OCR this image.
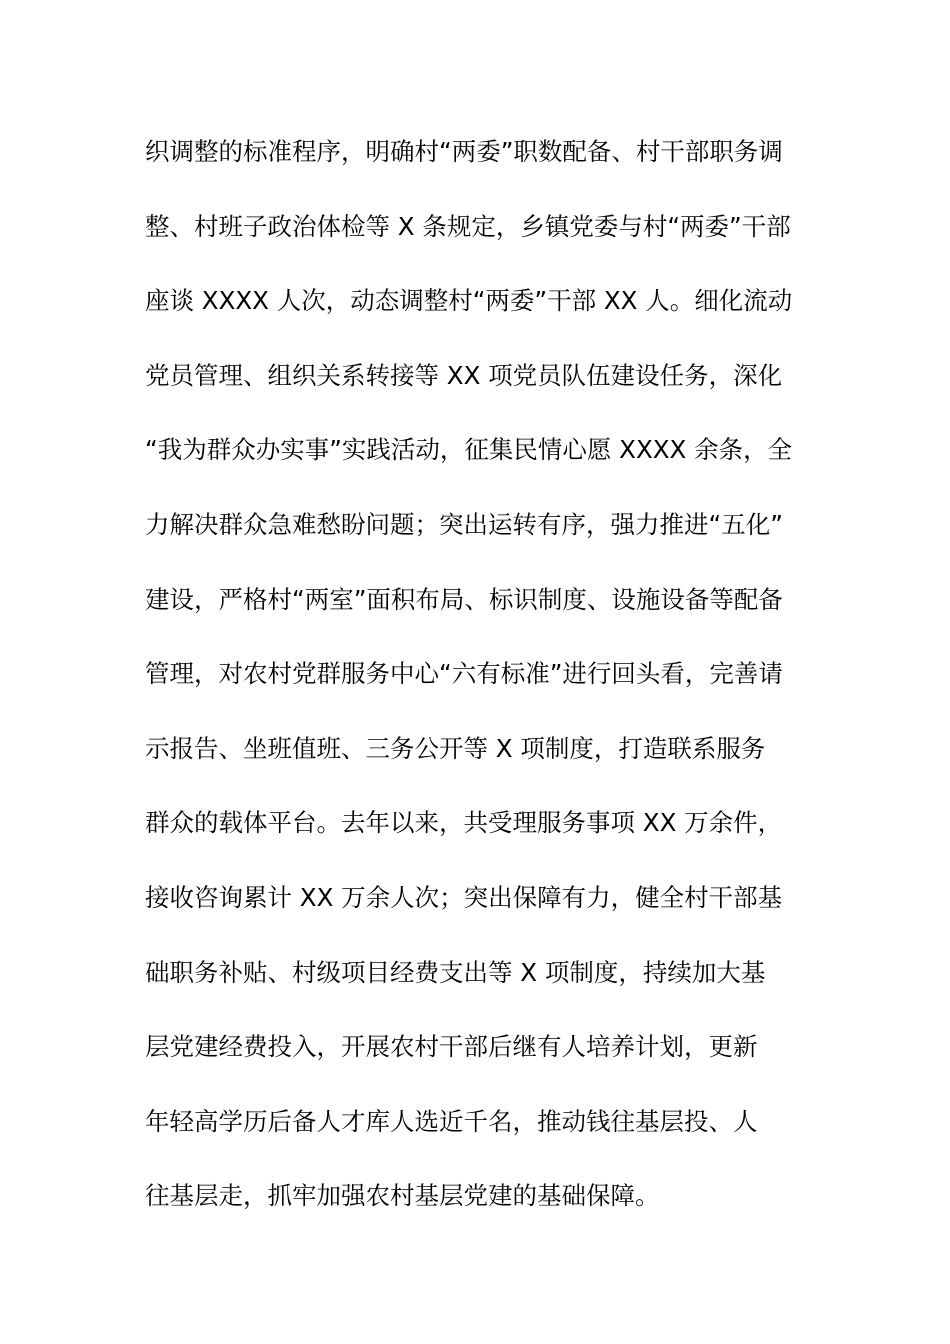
织调整的标准程序，明确村“两委”职数配备、村干部职务调
整、村班子政治体检等 X 条规定，乡镇党委与村“两委”干部
座谈 XXXX 人次，动态调整村“两委”干部 XX 人。细化流动
党员管理、组织关系转接等 XX 项党员队伍建设任务，深化
“我为群众办实事”实践活动，征集民情心愿 XXXX 余条，全
力解决群众急难愁盼问题；突出运转有序，强力推进“五化”
建设，严格村“两室”面积布局、标识制度、设施设备等配备
管理，对农村党群服务中心“六有标准”进行回头看，完善请
示报告、坐班值班、三务公开等 X 项制度，打造联系服务
群众的载体平台。去年以来，共受理服务事项 XX 万余件，
接收咨询累计 XX 万余人次；突出保障有力，健全村干部基
础职务补贴、村级项目经费支出等 X 项制度，持续加大基
层党建经费投入，开展农村干部后继有人培养计划，更新
年轻高学历后备人才库人选近千名，推动钱往基层投、人
往基层走，抓牢加强农村基层党建的基础保障。
